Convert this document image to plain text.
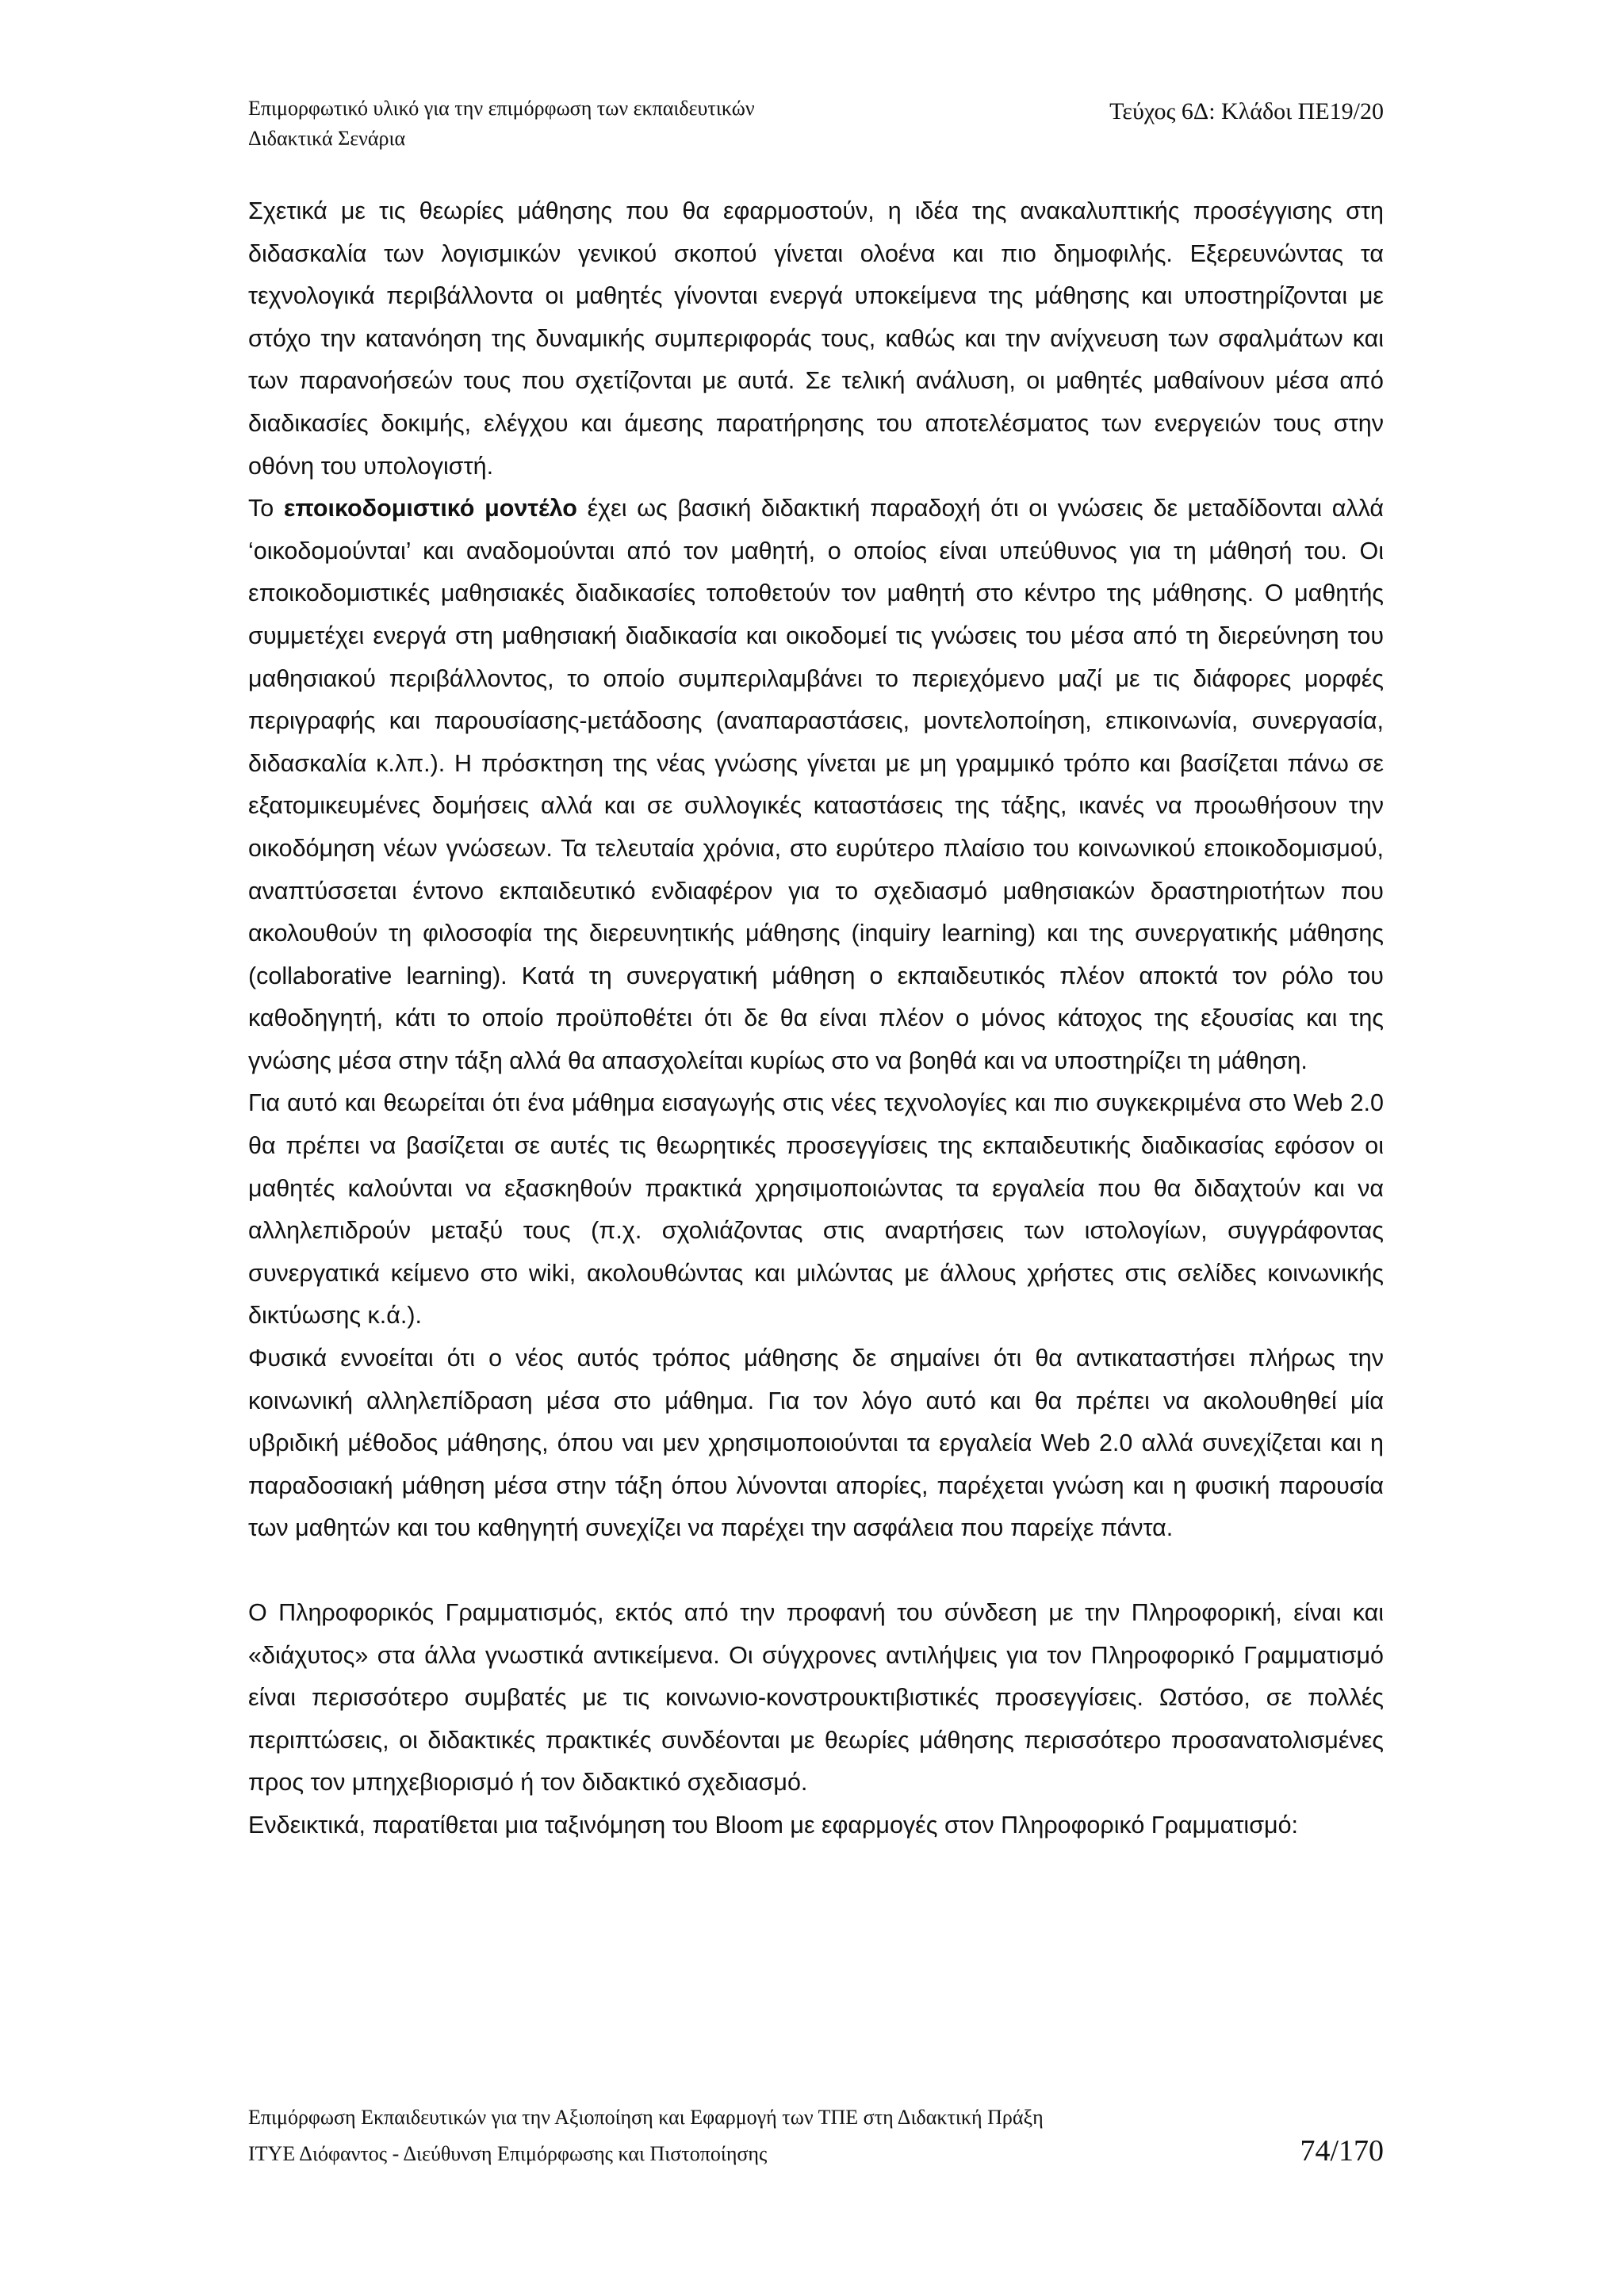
Επιμορφωτικό υλικό για την επιμόρφωση των εκπαιδευτικών
Διδακτικά Σενάρια
Τεύχος 6Δ: Κλάδοι ΠΕ19/20

Σχετικά με τις θεωρίες μάθησης που θα εφαρμοστούν, η ιδέα της ανακαλυπτικής προσέγγισης στη διδασκαλία των λογισμικών γενικού σκοπού γίνεται ολοένα και πιο δημοφιλής. Εξερευνώντας τα τεχνολογικά περιβάλλοντα οι μαθητές γίνονται ενεργά υποκείμενα της μάθησης και υποστηρίζονται με στόχο την κατανόηση της δυναμικής συμπεριφοράς τους, καθώς και την ανίχνευση των σφαλμάτων και των παρανοήσεών τους που σχετίζονται με αυτά. Σε τελική ανάλυση, οι μαθητές μαθαίνουν μέσα από διαδικασίες δοκιμής, ελέγχου και άμεσης παρατήρησης του αποτελέσματος των ενεργειών τους στην οθόνη του υπολογιστή.

Το εποικοδομιστικό μοντέλο έχει ως βασική διδακτική παραδοχή ότι οι γνώσεις δε μεταδίδονται αλλά ‘οικοδομούνται’ και αναδομούνται από τον μαθητή, ο οποίος είναι υπεύθυνος για τη μάθησή του. Οι εποικοδομιστικές μαθησιακές διαδικασίες τοποθετούν τον μαθητή στο κέντρο της μάθησης. Ο μαθητής συμμετέχει ενεργά στη μαθησιακή διαδικασία και οικοδομεί τις γνώσεις του μέσα από τη διερεύνηση του μαθησιακού περιβάλλοντος, το οποίο συμπεριλαμβάνει το περιεχόμενο μαζί με τις διάφορες μορφές περιγραφής και παρουσίασης-μετάδοσης (αναπαραστάσεις, μοντελοποίηση, επικοινωνία, συνεργασία, διδασκαλία κ.λπ.). Η πρόσκτηση της νέας γνώσης γίνεται με μη γραμμικό τρόπο και βασίζεται πάνω σε εξατομικευμένες δομήσεις αλλά και σε συλλογικές καταστάσεις της τάξης, ικανές να προωθήσουν την οικοδόμηση νέων γνώσεων. Τα τελευταία χρόνια, στο ευρύτερο πλαίσιο του κοινωνικού εποικοδομισμού, αναπτύσσεται έντονο εκπαιδευτικό ενδιαφέρον για το σχεδιασμό μαθησιακών δραστηριοτήτων που ακολουθούν τη φιλοσοφία της διερευνητικής μάθησης (inquiry learning) και της συνεργατικής μάθησης (collaborative learning). Κατά τη συνεργατική μάθηση ο εκπαιδευτικός πλέον αποκτά τον ρόλο του καθοδηγητή, κάτι το οποίο προϋποθέτει ότι δε θα είναι πλέον ο μόνος κάτοχος της εξουσίας και της γνώσης μέσα στην τάξη αλλά θα απασχολείται κυρίως στο να βοηθά και να υποστηρίζει τη μάθηση.

Για αυτό και θεωρείται ότι ένα μάθημα εισαγωγής στις νέες τεχνολογίες και πιο συγκεκριμένα στο Web 2.0 θα πρέπει να βασίζεται σε αυτές τις θεωρητικές προσεγγίσεις της εκπαιδευτικής διαδικασίας εφόσον οι μαθητές καλούνται να εξασκηθούν πρακτικά χρησιμοποιώντας τα εργαλεία που θα διδαχτούν και να αλληλεπιδρούν μεταξύ τους (π.χ. σχολιάζοντας στις αναρτήσεις των ιστολογίων, συγγράφοντας συνεργατικά κείμενο στο wiki, ακολουθώντας και μιλώντας με άλλους χρήστες στις σελίδες κοινωνικής δικτύωσης κ.ά.).

Φυσικά εννοείται ότι ο νέος αυτός τρόπος μάθησης δε σημαίνει ότι θα αντικαταστήσει πλήρως την κοινωνική αλληλεπίδραση μέσα στο μάθημα. Για τον λόγο αυτό και θα πρέπει να ακολουθηθεί μία υβριδική μέθοδος μάθησης, όπου ναι μεν χρησιμοποιούνται τα εργαλεία Web 2.0 αλλά συνεχίζεται και η παραδοσιακή μάθηση μέσα στην τάξη όπου λύνονται απορίες, παρέχεται γνώση και η φυσική παρουσία των μαθητών και του καθηγητή συνεχίζει να παρέχει την ασφάλεια που παρείχε πάντα.

Ο Πληροφορικός Γραμματισμός, εκτός από την προφανή του σύνδεση με την Πληροφορική, είναι και «διάχυτος» στα άλλα γνωστικά αντικείμενα. Οι σύγχρονες αντιλήψεις για τον Πληροφορικό Γραμματισμό είναι περισσότερο συμβατές με τις κοινωνιο-κονστρουκτιβιστικές προσεγγίσεις. Ωστόσο, σε πολλές περιπτώσεις, οι διδακτικές πρακτικές συνδέονται με θεωρίες μάθησης περισσότερο προσανατολισμένες προς τον μπηχεβιορισμό ή τον διδακτικό σχεδιασμό.

Ενδεικτικά, παρατίθεται μια ταξινόμηση του Bloom με εφαρμογές στον Πληροφορικό Γραμματισμό:

Επιμόρφωση Εκπαιδευτικών για την Αξιοποίηση και Εφαρμογή των ΤΠΕ στη Διδακτική Πράξη
ΙΤΥΕ Διόφαντος - Διεύθυνση Επιμόρφωσης και Πιστοποίησης	74/170
